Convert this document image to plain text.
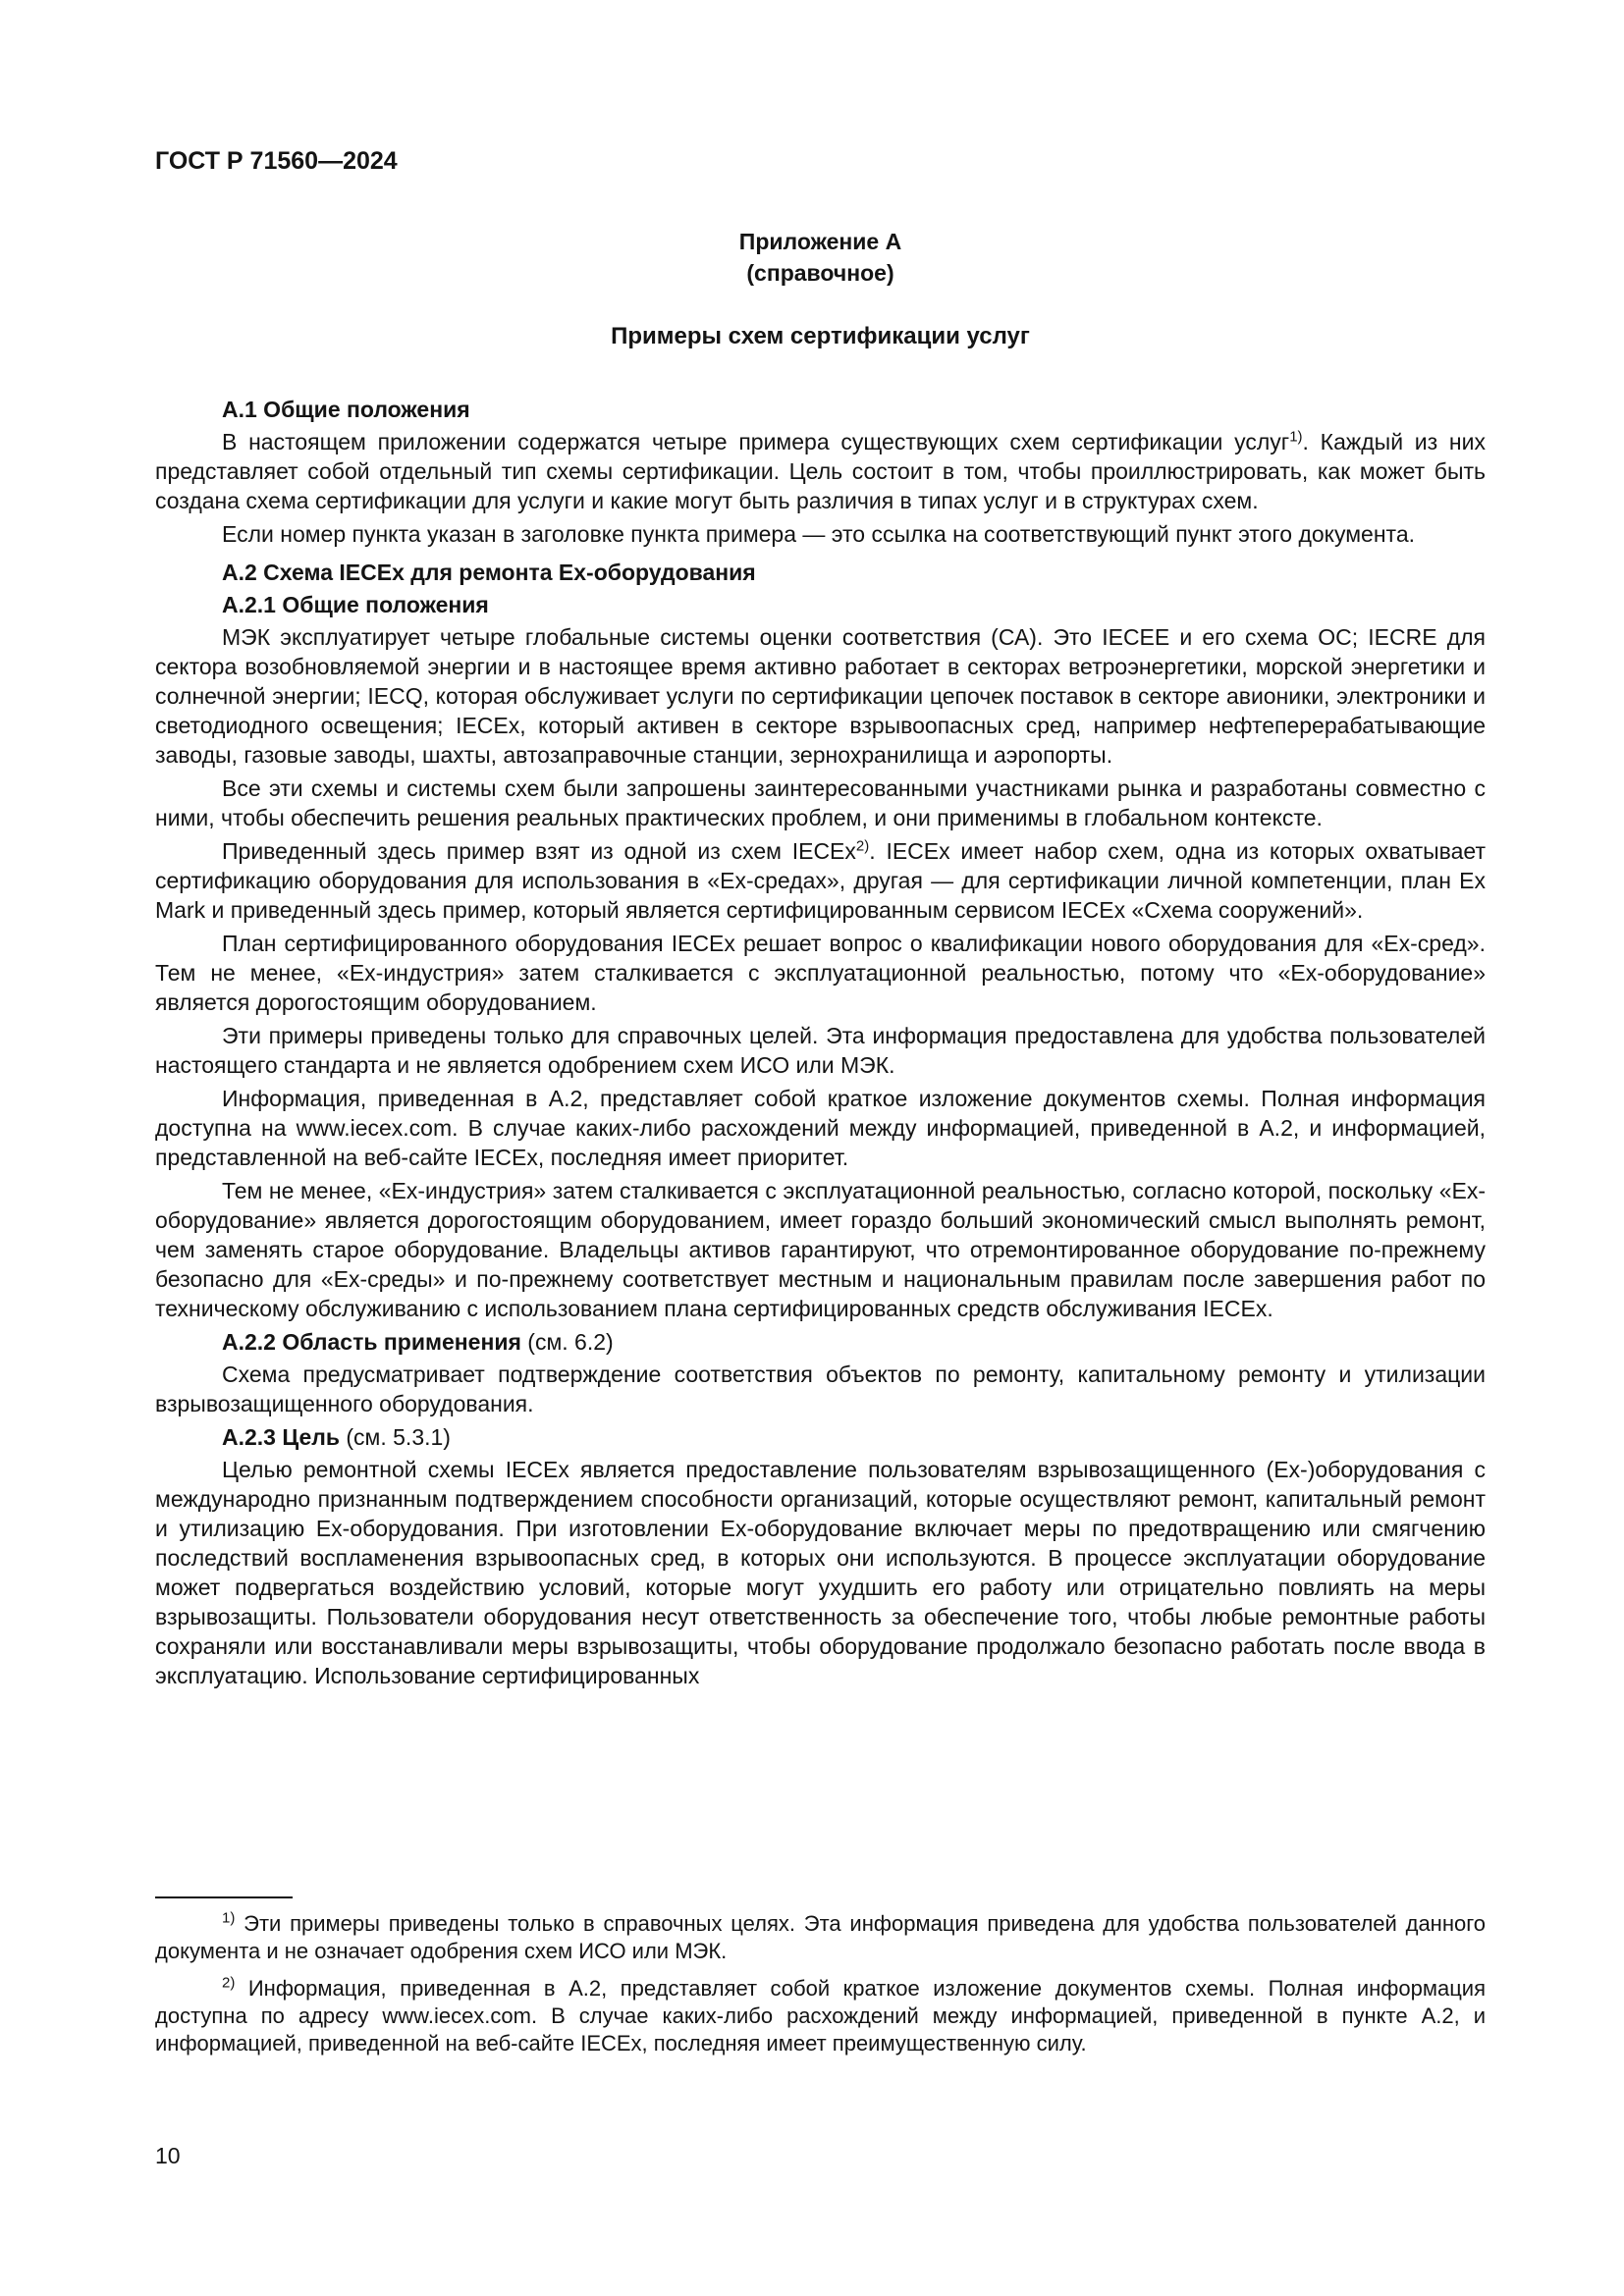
ГОСТ Р 71560—2024
Приложение А
(справочное)
Примеры схем сертификации услуг

А.1 Общие положения

В настоящем приложении содержатся четыре примера существующих схем сертификации услуг$^{1)}$. Каждый из них представляет собой отдельный тип схемы сертификации. Цель состоит в том, чтобы проиллюстрировать, как может быть создана схема сертификации для услуги и какие могут быть различия в типах услуг и в структурах схем.

Если номер пункта указан в заголовке пункта примера — это ссылка на соответствующий пункт этого документа.

А.2 Схема IECEx для ремонта Ex-оборудования

А.2.1 Общие положения

МЭК эксплуатирует четыре глобальные системы оценки соответствия (СА). Это IECEE и его схема ОС; IECRE для сектора возобновляемой энергии и в настоящее время активно работает в секторах ветроэнергетики, морской энергетики и солнечной энергии; IECQ, которая обслуживает услуги по сертификации цепочек поставок в секторе авионики, электроники и светодиодного освещения; IECEx, который активен в секторе взрывоопасных сред, например нефтеперерабатывающие заводы, газовые заводы, шахты, автозаправочные станции, зернохранилища и аэропорты.

Все эти схемы и системы схем были запрошены заинтересованными участниками рынка и разработаны совместно с ними, чтобы обеспечить решения реальных практических проблем, и они применимы в глобальном контексте.

Приведенный здесь пример взят из одной из схем IECEx$^{2)}$. IECEx имеет набор схем, одна из которых охватывает сертификацию оборудования для использования в «Ex-средах», другая — для сертификации личной компетенции, план Ex Mark и приведенный здесь пример, который является сертифицированным сервисом IECEx «Схема сооружений».

План сертифицированного оборудования IECEx решает вопрос о квалификации нового оборудования для «Ex-сред». Тем не менее, «Ex-индустрия» затем сталкивается с эксплуатационной реальностью, потому что «Ex-оборудование» является дорогостоящим оборудованием.

Эти примеры приведены только для справочных целей. Эта информация предоставлена для удобства пользователей настоящего стандарта и не является одобрением схем ИСО или МЭК.

Информация, приведенная в А.2, представляет собой краткое изложение документов схемы. Полная информация доступна на www.iecex.com. В случае каких-либо расхождений между информацией, приведенной в А.2, и информацией, представленной на веб-сайте IECEx, последняя имеет приоритет.

Тем не менее, «Ex-индустрия» затем сталкивается с эксплуатационной реальностью, согласно которой, поскольку «Ex-оборудование» является дорогостоящим оборудованием, имеет гораздо больший экономический смысл выполнять ремонт, чем заменять старое оборудование. Владельцы активов гарантируют, что отремонтированное оборудование по-прежнему безопасно для «Ex-среды» и по-прежнему соответствует местным и национальным правилам после завершения работ по техническому обслуживанию с использованием плана сертифицированных средств обслуживания IECEx.

А.2.2 Область применения (см. 6.2)

Схема предусматривает подтверждение соответствия объектов по ремонту, капитальному ремонту и утилизации взрывозащищенного оборудования.

А.2.3 Цель (см. 5.3.1)

Целью ремонтной схемы IECEx является предоставление пользователям взрывозащищенного (Ex-)оборудования с международно признанным подтверждением способности организаций, которые осуществляют ремонт, капитальный ремонт и утилизацию Ex-оборудования. При изготовлении Ex-оборудование включает меры по предотвращению или смягчению последствий воспламенения взрывоопасных сред, в которых они используются. В процессе эксплуатации оборудование может подвергаться воздействию условий, которые могут ухудшить его работу или отрицательно повлиять на меры взрывозащиты. Пользователи оборудования несут ответственность за обеспечение того, чтобы любые ремонтные работы сохраняли или восстанавливали меры взрывозащиты, чтобы оборудование продолжало безопасно работать после ввода в эксплуатацию. Использование сертифицированных

$^{1)}$ Эти примеры приведены только в справочных целях. Эта информация приведена для удобства пользователей данного документа и не означает одобрения схем ИСО или МЭК.

$^{2)}$ Информация, приведенная в А.2, представляет собой краткое изложение документов схемы. Полная информация доступна по адресу www.iecex.com. В случае каких-либо расхождений между информацией, приведенной в пункте А.2, и информацией, приведенной на веб-сайте IECEx, последняя имеет преимущественную силу.

10
